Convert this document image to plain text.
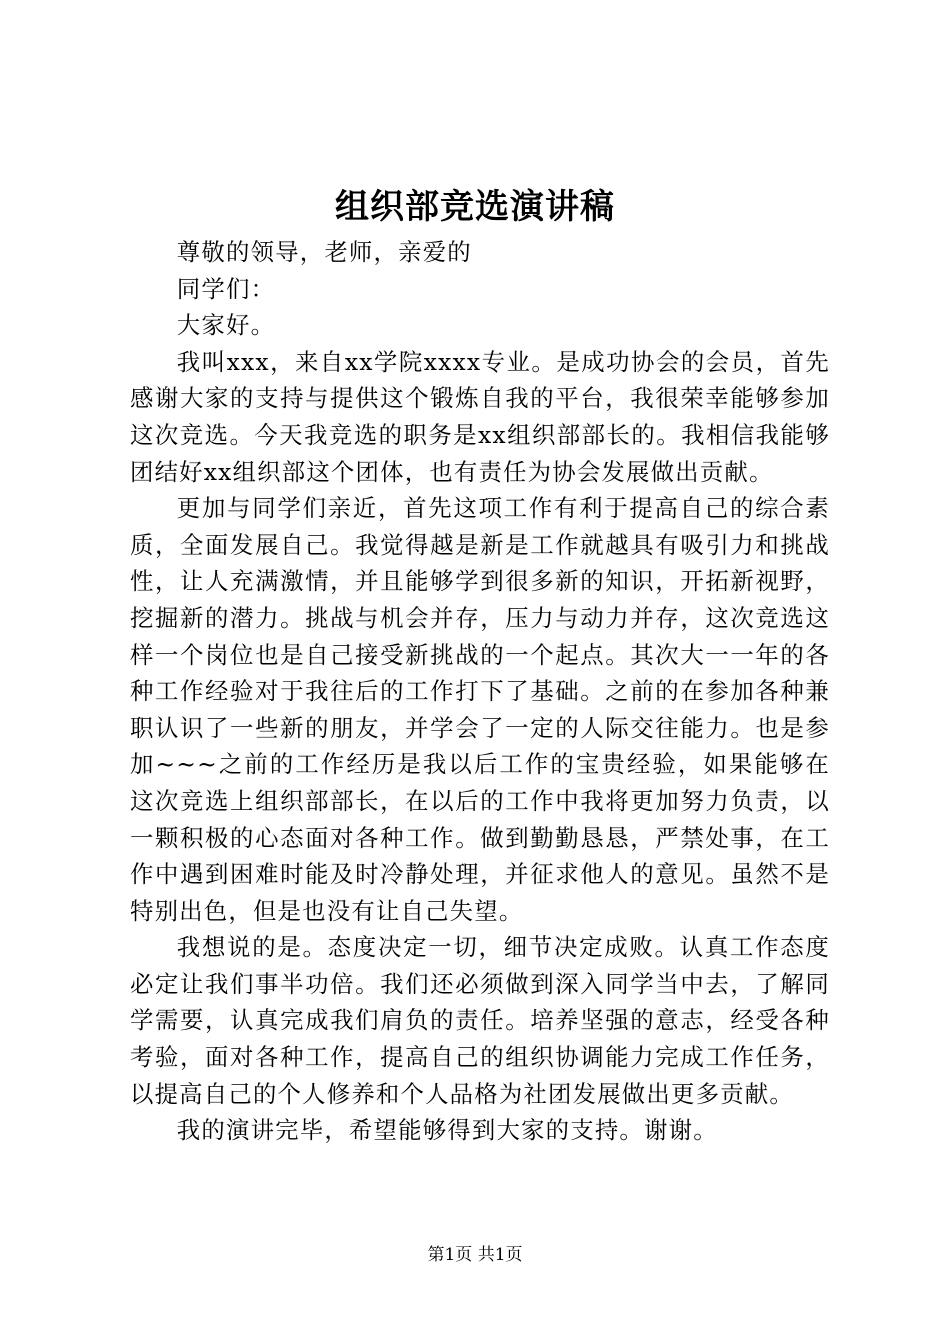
组织部竞选演讲稿

尊敬的领导，老师，亲爱的

同学们：

大家好。

我叫xxx，来自xx学院xxxx专业。是成功协会的会员，首先感谢大家的支持与提供这个锻炼自我的平台，我很荣幸能够参加这次竞选。今天我竞选的职务是xx组织部部长的。我相信我能够团结好xx组织部这个团体，也有责任为协会发展做出贡献。

更加与同学们亲近，首先这项工作有利于提高自己的综合素质，全面发展自己。我觉得越是新是工作就越具有吸引力和挑战性，让人充满激情，并且能够学到很多新的知识，开拓新视野，挖掘新的潜力。挑战与机会并存，压力与动力并存，这次竞选这样一个岗位也是自己接受新挑战的一个起点。其次大一一年的各种工作经验对于我往后的工作打下了基础。之前的在参加各种兼职认识了一些新的朋友，并学会了一定的人际交往能力。也是参加~~~之前的工作经历是我以后工作的宝贵经验，如果能够在这次竞选上组织部部长，在以后的工作中我将更加努力负责，以一颗积极的心态面对各种工作。做到勤勤恳恳，严禁处事，在工作中遇到困难时能及时冷静处理，并征求他人的意见。虽然不是特别出色，但是也没有让自己失望。

我想说的是。态度决定一切，细节决定成败。认真工作态度必定让我们事半功倍。我们还必须做到深入同学当中去，了解同学需要，认真完成我们肩负的责任。培养坚强的意志，经受各种考验，面对各种工作，提高自己的组织协调能力完成工作任务，以提高自己的个人修养和个人品格为社团发展做出更多贡献。

我的演讲完毕，希望能够得到大家的支持。谢谢。

第1页 共1页
